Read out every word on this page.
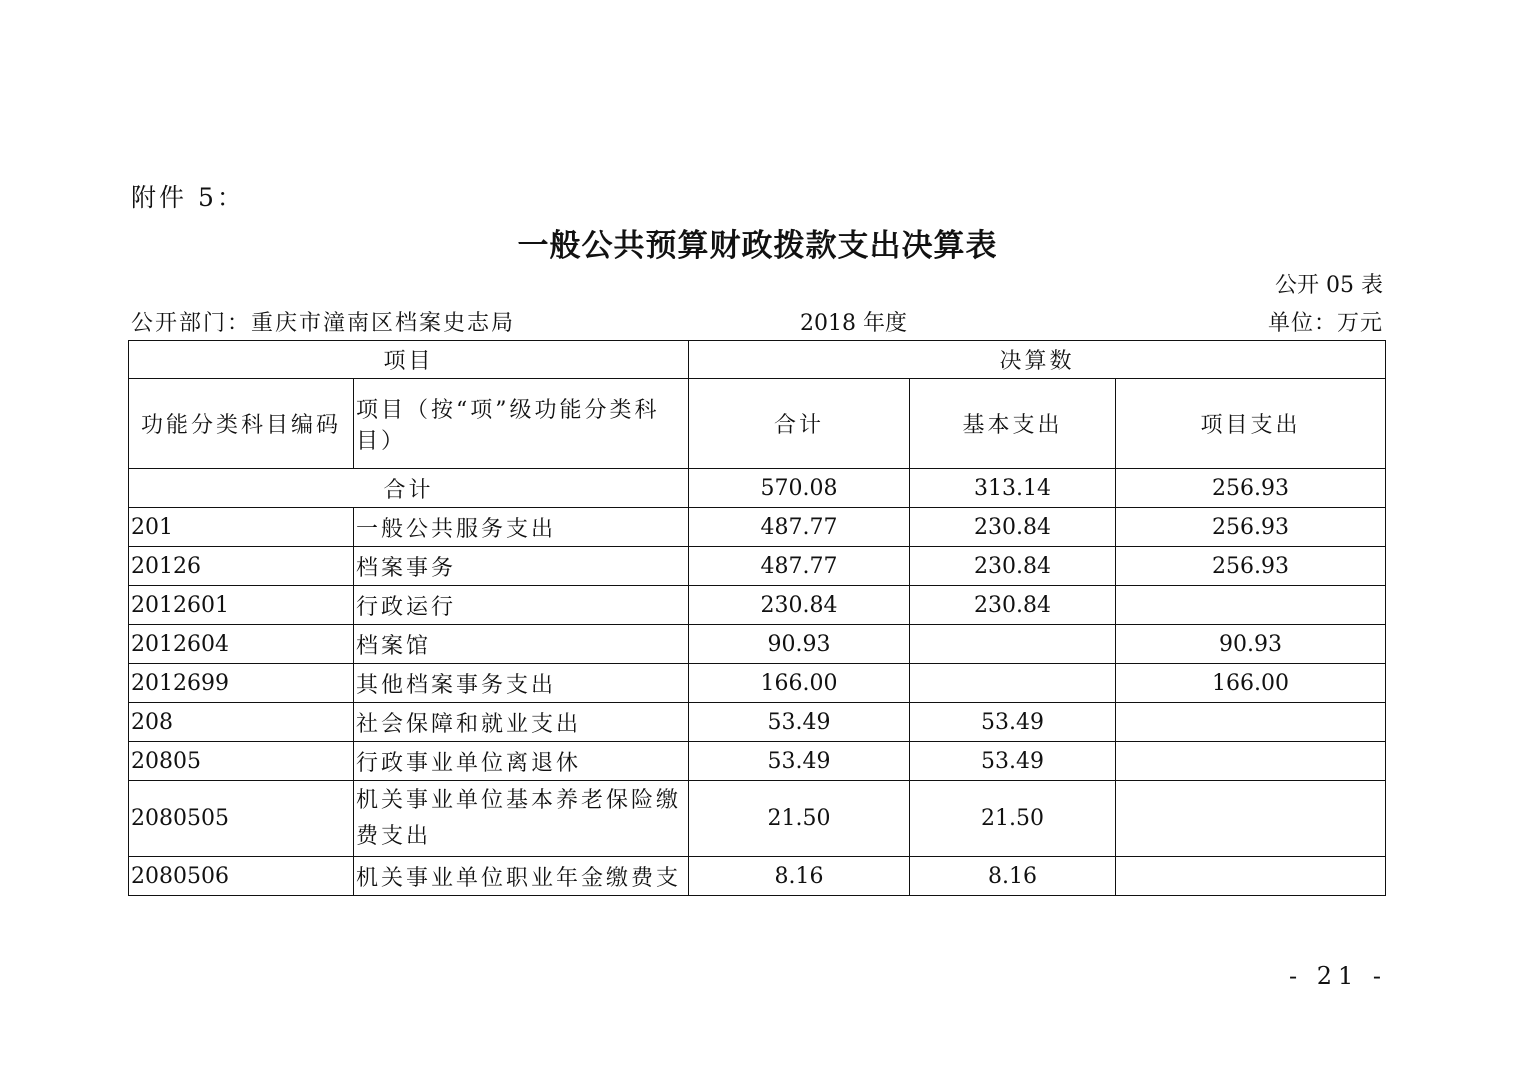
附件 5：
一般公共预算财政拨款支出决算表
公开 05 表
公开部门：重庆市潼南区档案史志局	2018 年度	单位：万元
项目		决算数		
功能分类科目编码	项目（按“项”级功能分类科目）	合计	基本支出	项目支出
合计		570.08	313.14	256.93
201	一般公共服务支出	487.77	230.84	256.93
20126	档案事务	487.77	230.84	256.93
2012601	行政运行	230.84	230.84	
2012604	档案馆	90.93		90.93
2012699	其他档案事务支出	166.00		166.00
208	社会保障和就业支出	53.49	53.49	
20805	行政事业单位离退休	53.49	53.49	
2080505	机关事业单位基本养老保险缴费支出	21.50	21.50	
2080506	机关事业单位职业年金缴费支	8.16	8.16	
- 21 -
